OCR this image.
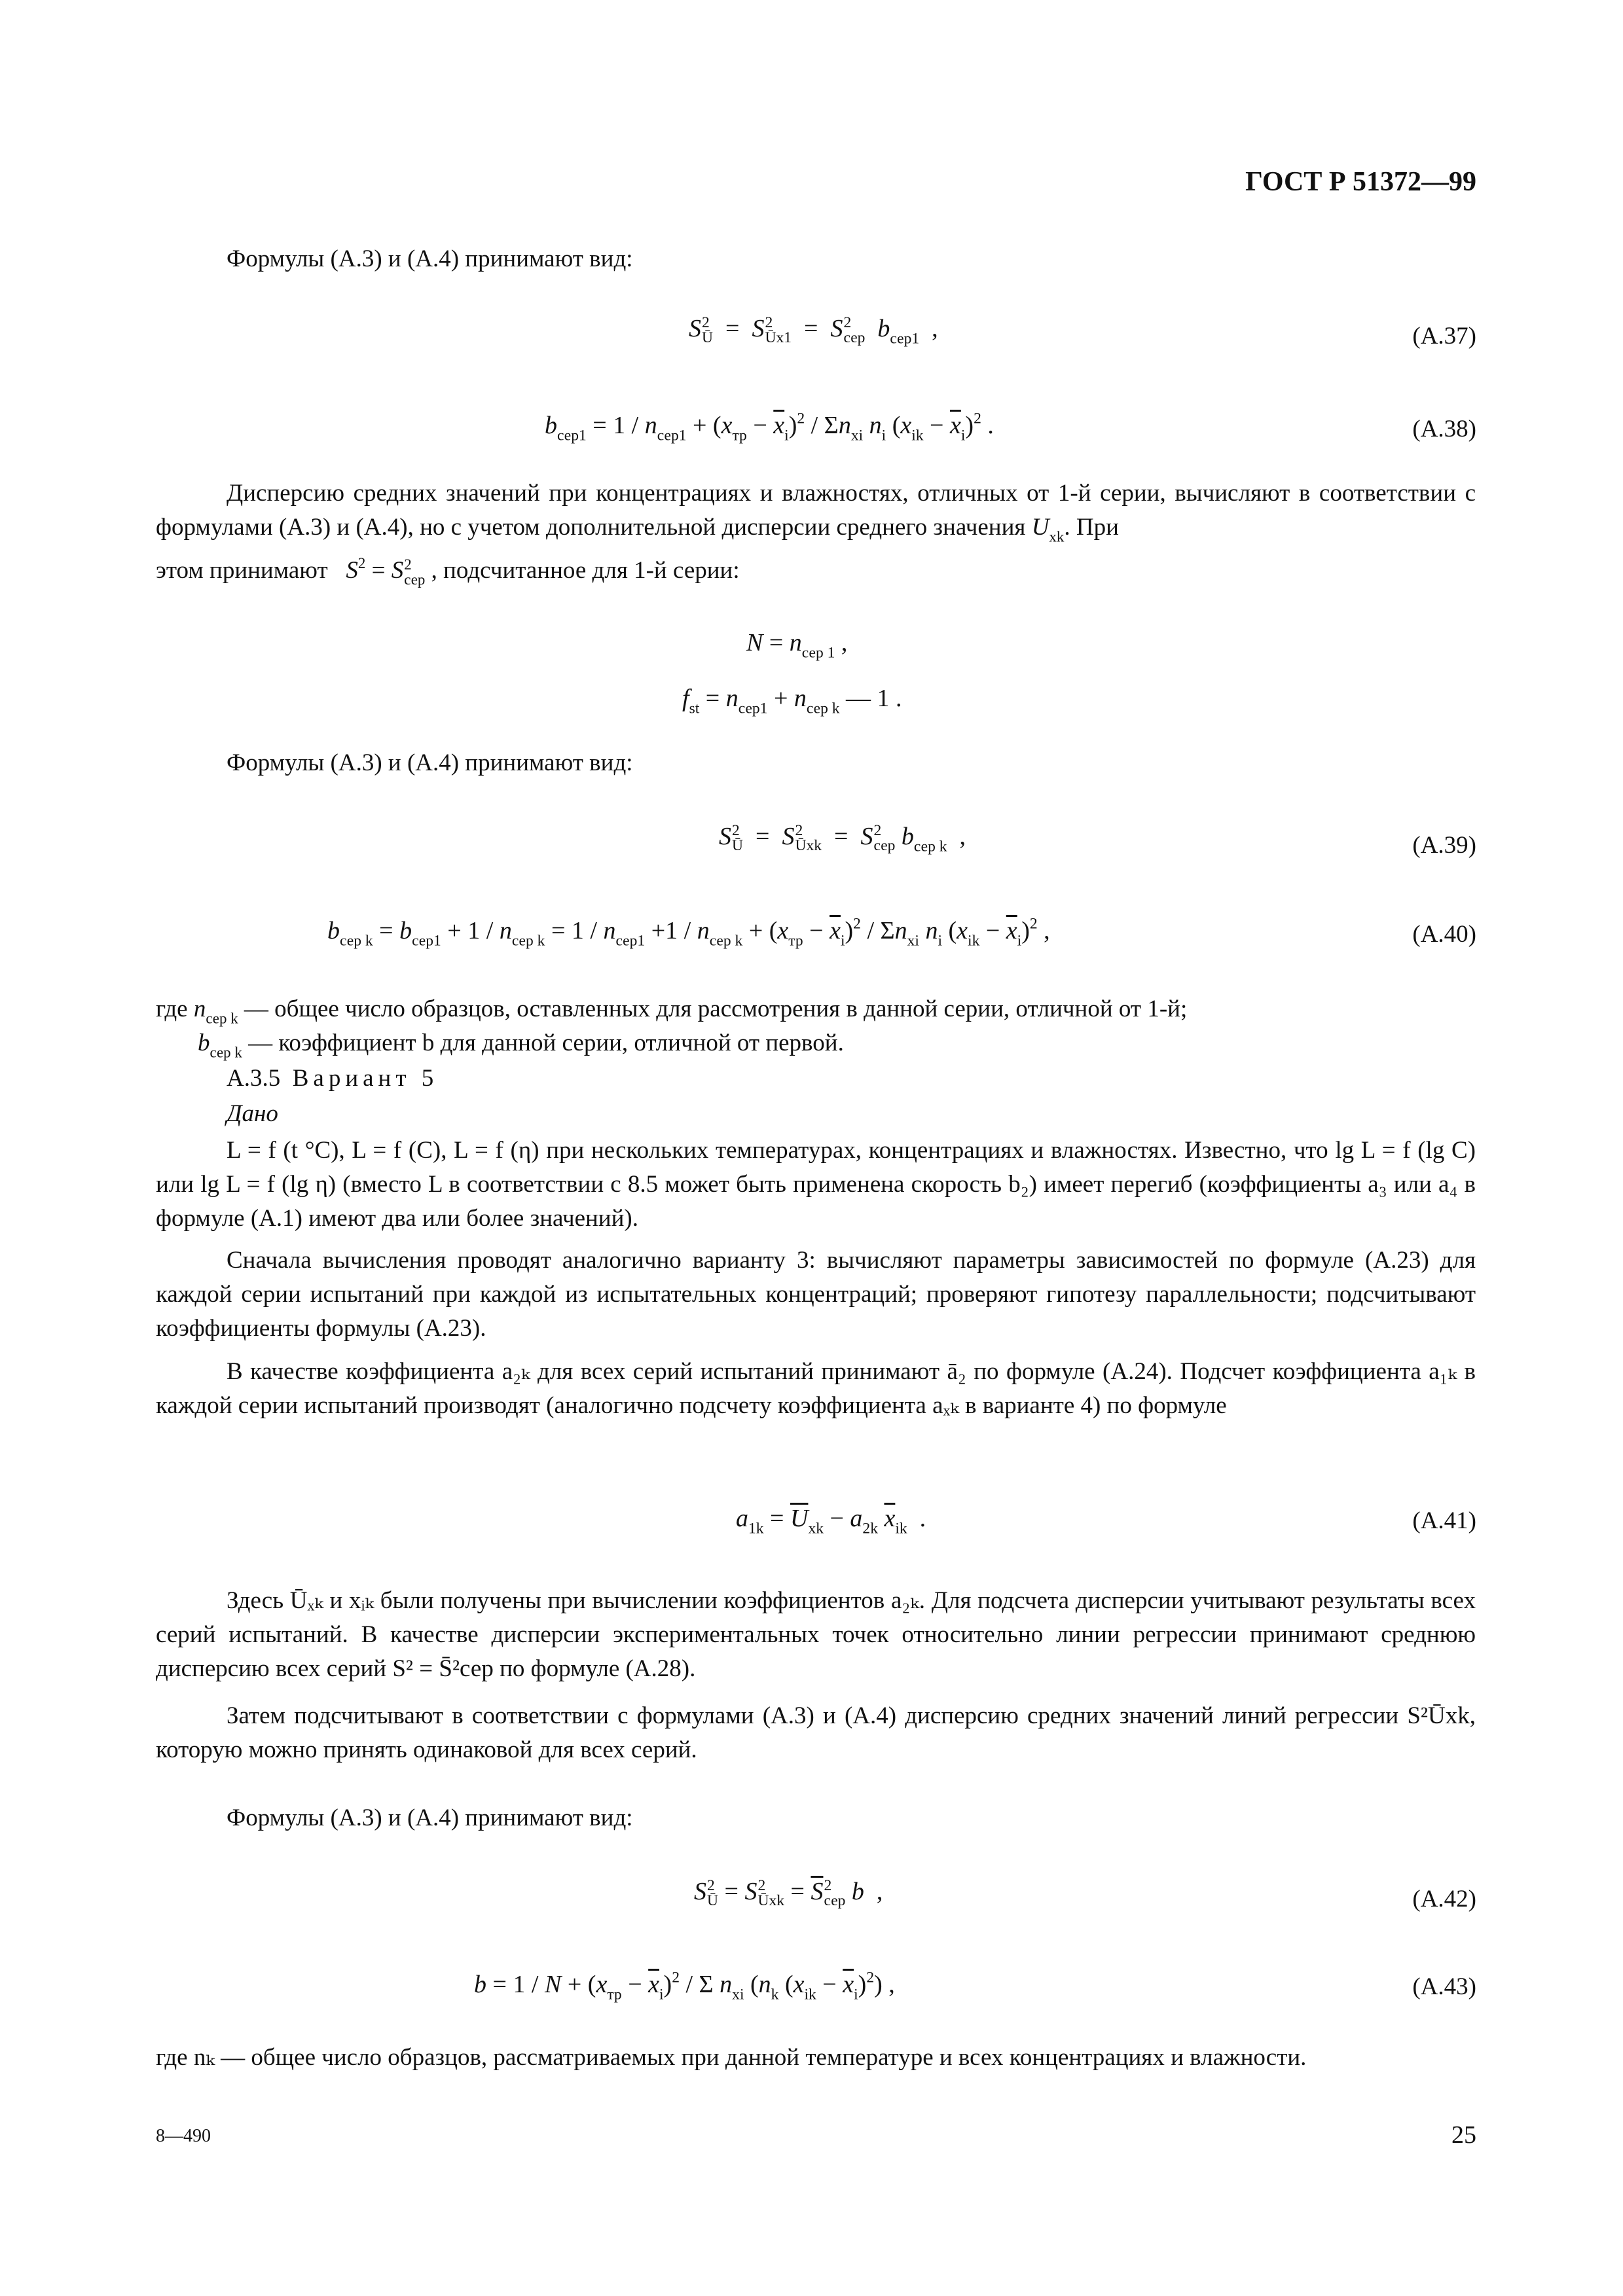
ГОСТ Р 51372—99

Формулы (А.3) и (А.4) принимают вид:

S 2
Ū =  S 2
Ūx1 =  S 2
сер $b_{сер1}$  ,	(А.37)
$b_{сер1} = 1 / n_{сер1} + (x_{тр} - \overline{x}_i)^2 / \Sigma n_{xi}$ $n_i$ $(x_{ik} - \overline{x}_i)^2$ .	(А.38)

Дисперсию средних значений при концентрациях и влажностях, отличных от 1-й серии, вычисляют в соответствии с формулами (А.3) и (А.4), но с учетом дополнительной дисперсии среднего значения $U_{xk}$. При

этом принимают $S^2 = S$ 2
сер , подсчитанное для 1-й серии:
$N = n_{сер 1}$ ,
$f_{st} = n_{сер1} + n_{сер k}$ — 1 .

Формулы (А.3) и (А.4) принимают вид:

S 2
Ū =  S 2
Ūxk =  S 2
сер $b_{сер k}$  ,	(А.39)
$b_{сер k} = b_{сер1} + 1 / n_{сер k} = 1 / n_{сер1} +1 / n_{сер k} + (x_{тр} - \overline{x}_i)^2 / \Sigma n_{xi}$ $n_i$ $(x_{ik} - \overline{x}_i)^2$ ,	(А.40)
где $n_{сер k}$ — общее число образцов, оставленных для рассмотрения в данной серии, отличной от 1-й;
$b_{сер k}$ — коэффициент b для данной серии, отличной от первой.
А.3.5 Вариант 5
Дано

L = f (t °C), L = f (C), L = f (η) при нескольких температурах, концентрациях и влажностях. Известно, что lg L = f (lg C) или lg L = f (lg η) (вместо L в соответствии с 8.5 может быть применена скорость b₂) имеет перегиб (коэффициенты a₃ или a₄ в формуле (А.1) имеют два или более значений).

Сначала вычисления проводят аналогично варианту 3: вычисляют параметры зависимостей по формуле (А.23) для каждой серии испытаний при каждой из испытательных концентраций; проверяют гипотезу параллельности; подсчитывают коэффициенты формулы (А.23).

В качестве коэффициента a₂ₖ для всех серий испытаний принимают ā₂ по формуле (А.24). Подсчет коэффициента a₁ₖ в каждой серии испытаний производят (аналогично подсчету коэффициента aₓₖ в варианте 4) по формуле

$a_{1k} = \overline{U}_{xk} - a_{2k}$ $\overline{x}_{ik}$  .	(А.41)

Здесь Ūₓₖ и xᵢₖ были получены при вычислении коэффициентов a₂ₖ. Для подсчета дисперсии учитывают результаты всех серий испытаний. В качестве дисперсии экспериментальных точек относительно линии регрессии принимают среднюю дисперсию всех серий S² = S̄²сер по формуле (А.28).

Затем подсчитывают в соответствии с формулами (А.3) и (А.4) дисперсию средних значений линий регрессии S²Ūxk, которую можно принять одинаковой для всех серий.

Формулы (А.3) и (А.4) принимают вид:

S 2
Ū = S 2
Ūxk = $\overline{S}$ 2
сер b  ,	(А.42)
$b = 1 / N + (x_{тр} - \overline{x}_i)^2 / \Sigma$ $n_{xi}$ ($n_k$ $(x_{ik} - \overline{x}_i)^2$) ,	(А.43)

где nₖ — общее число образцов, рассматриваемых при данной температуре и всех концентрациях и влажности.

8—490	25
